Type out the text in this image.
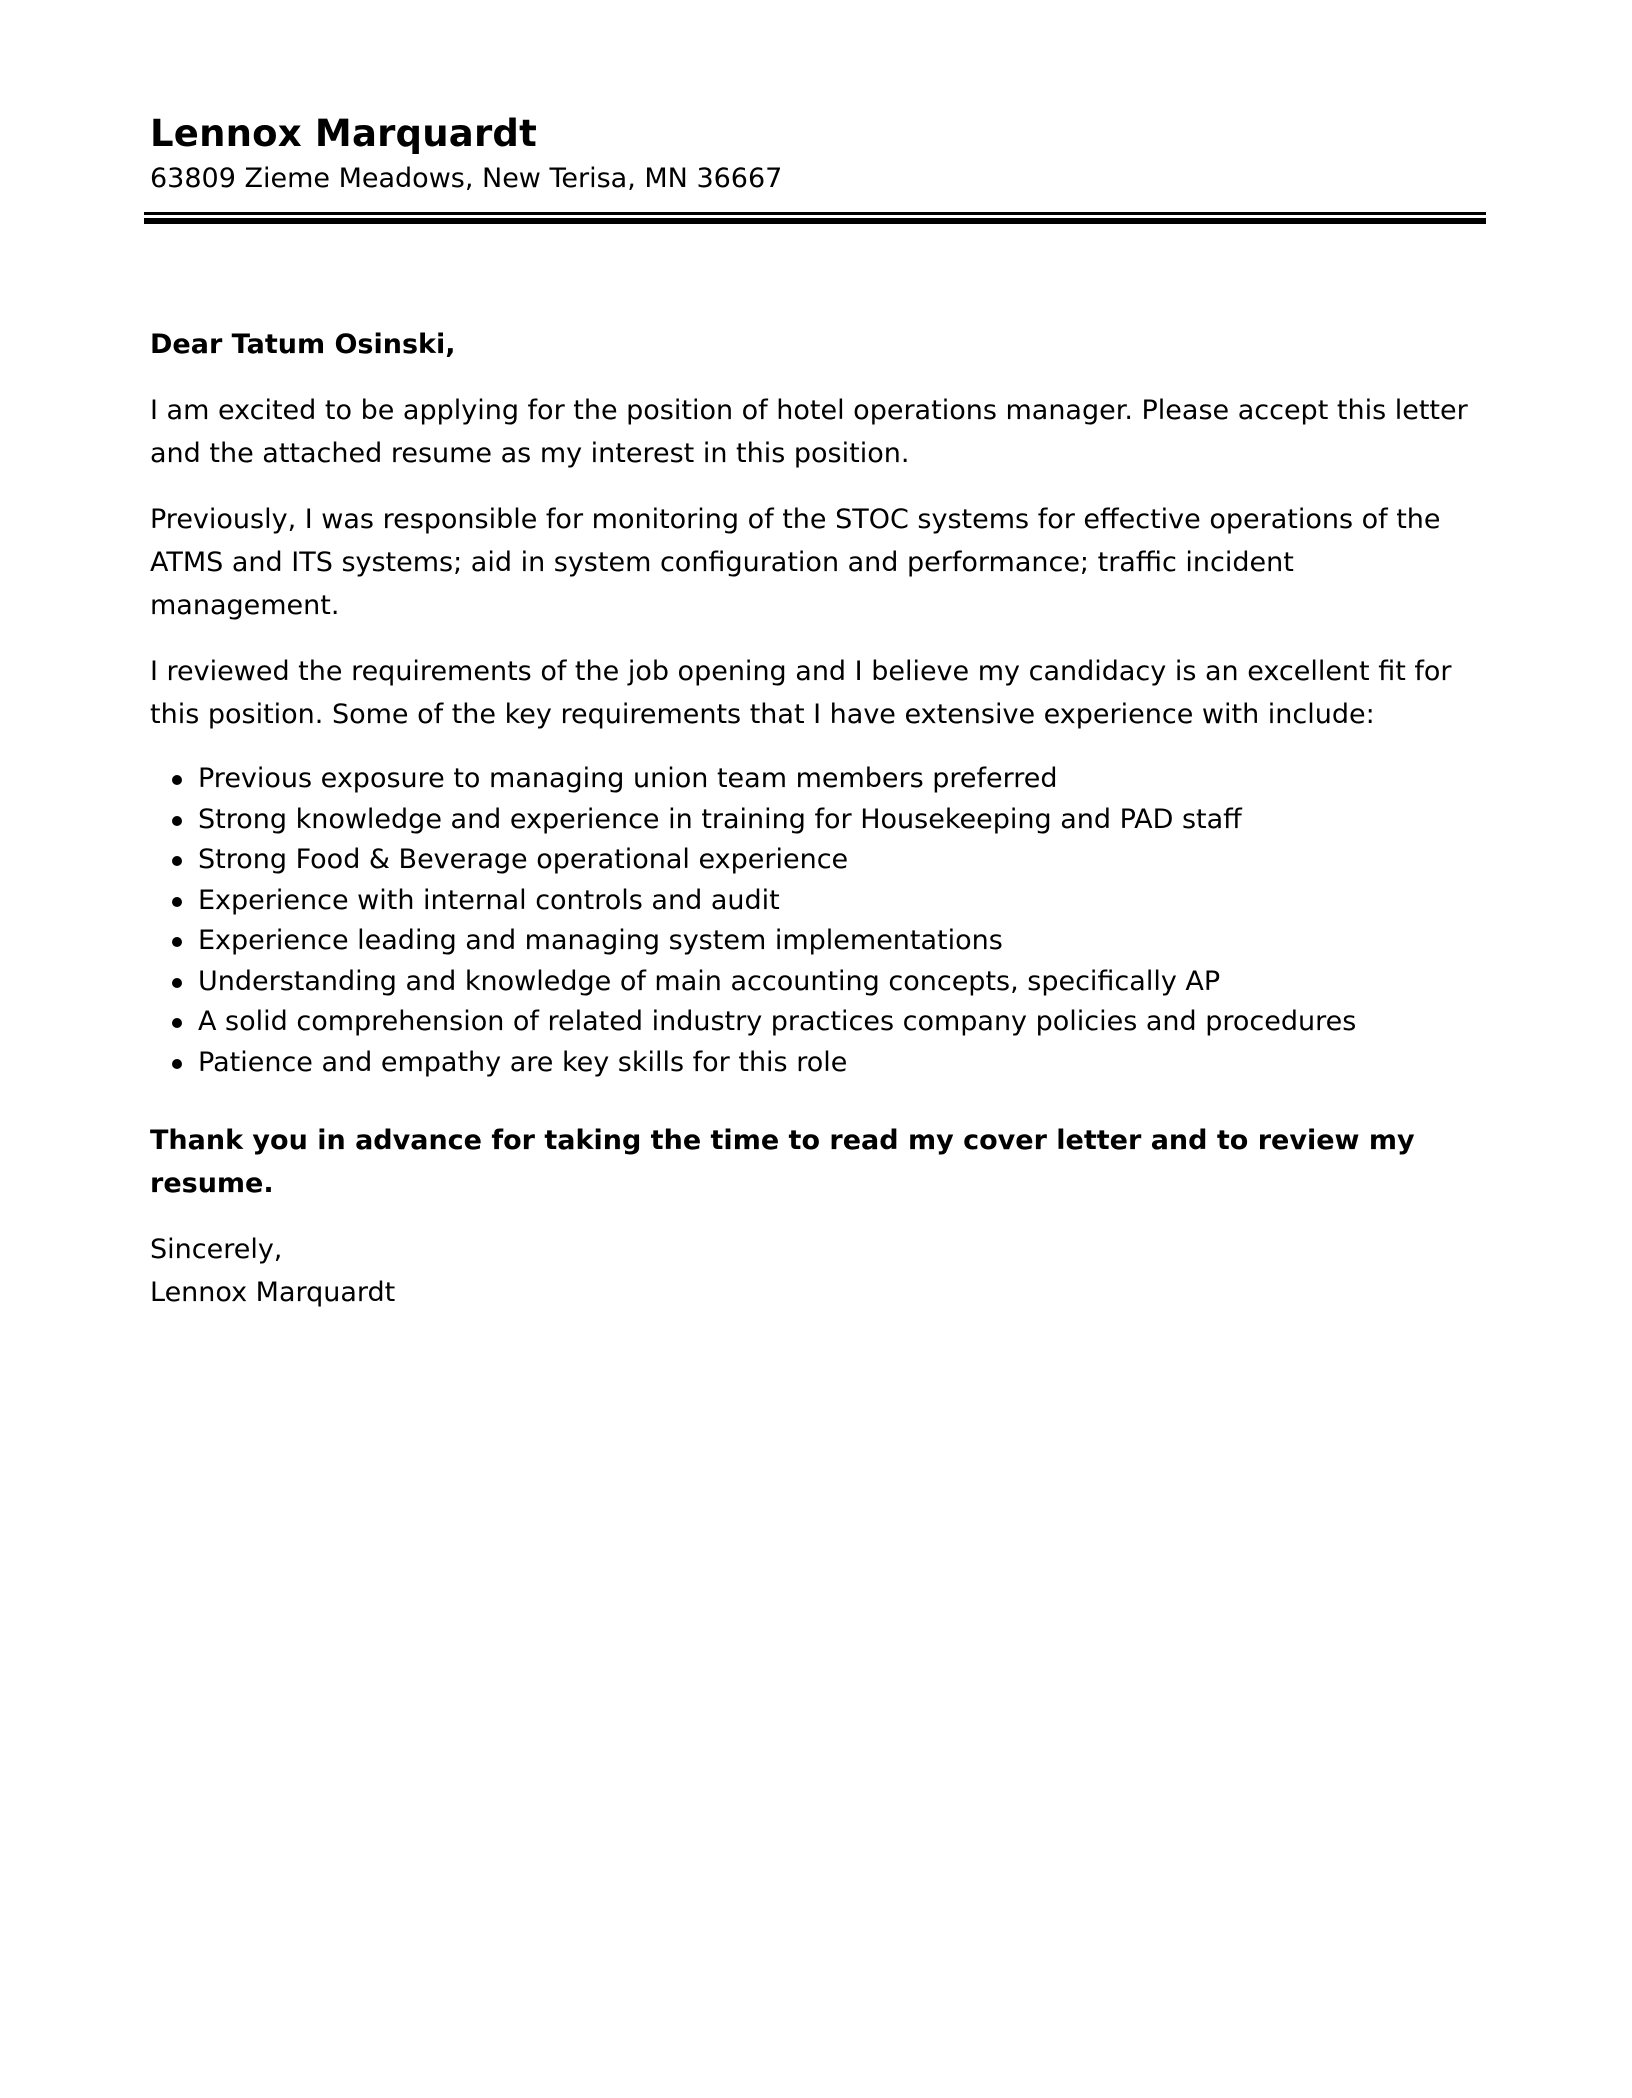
Lennox Marquardt
63809 Zieme Meadows, New Terisa, MN 36667

Dear Tatum Osinski,

I am excited to be applying for the position of hotel operations manager. Please accept this letter and the attached resume as my interest in this position.

Previously, I was responsible for monitoring of the STOC systems for effective operations of the ATMS and ITS systems; aid in system configuration and performance; traffic incident management.

I reviewed the requirements of the job opening and I believe my candidacy is an excellent fit for this position. Some of the key requirements that I have extensive experience with include:

Previous exposure to managing union team members preferred
Strong knowledge and experience in training for Housekeeping and PAD staff
Strong Food & Beverage operational experience
Experience with internal controls and audit
Experience leading and managing system implementations
Understanding and knowledge of main accounting concepts, specifically AP
A solid comprehension of related industry practices company policies and procedures
Patience and empathy are key skills for this role

Thank you in advance for taking the time to read my cover letter and to review my resume.

Sincerely,
Lennox Marquardt
